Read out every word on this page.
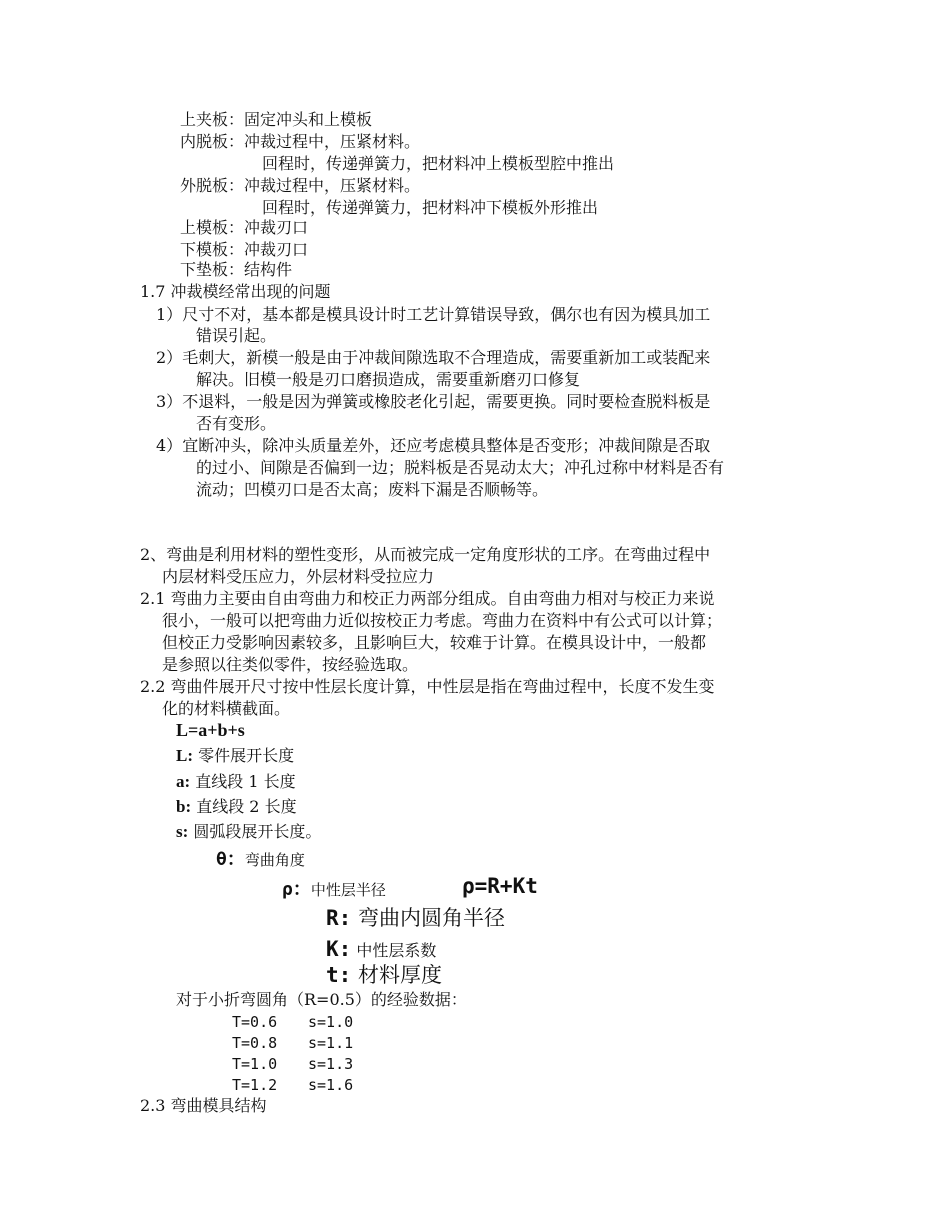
上夹板：固定冲头和上模板
内脱板：冲裁过程中，压紧材料。
回程时，传递弹簧力，把材料冲上模板型腔中推出
外脱板：冲裁过程中，压紧材料。
回程时，传递弹簧力，把材料冲下模板外形推出
上模板：冲裁刃口
下模板：冲裁刃口
下垫板：结构件
1.7 冲裁模经常出现的问题
1）尺寸不对，基本都是模具设计时工艺计算错误导致，偶尔也有因为模具加工
错误引起。
2）毛刺大，新模一般是由于冲裁间隙选取不合理造成，需要重新加工或装配来
解决。旧模一般是刃口磨损造成，需要重新磨刃口修复
3）不退料，一般是因为弹簧或橡胶老化引起，需要更换。同时要检查脱料板是
否有变形。
4）宜断冲头，除冲头质量差外，还应考虑模具整体是否变形；冲裁间隙是否取
的过小、间隙是否偏到一边；脱料板是否晃动太大；冲孔过称中材料是否有
流动；凹模刃口是否太高；废料下漏是否顺畅等。
2、弯曲是利用材料的塑性变形，从而被完成一定角度形状的工序。在弯曲过程中
内层材料受压应力，外层材料受拉应力
2.1 弯曲力主要由自由弯曲力和校正力两部分组成。自由弯曲力相对与校正力来说
很小，一般可以把弯曲力近似按校正力考虑。弯曲力在资料中有公式可以计算；
但校正力受影响因素较多，且影响巨大，较难于计算。在模具设计中，一般都
是参照以往类似零件，按经验选取。
2.2 弯曲件展开尺寸按中性层长度计算，中性层是指在弯曲过程中，长度不发生变
化的材料横截面。
L=a+b+s
L: 零件展开长度
a: 直线段 1 长度
b: 直线段 2 长度
s: 圆弧段展开长度。
θ：弯曲角度
ρ：中性层半径	ρ=R+Kt
R: 弯曲内圆角半径
K: 中性层系数
t: 材料厚度
对于小折弯圆角（R=0.5）的经验数据：
T=0.6 s=1.0
T=0.8 s=1.1
T=1.0 s=1.3
T=1.2 s=1.6
2.3 弯曲模具结构
